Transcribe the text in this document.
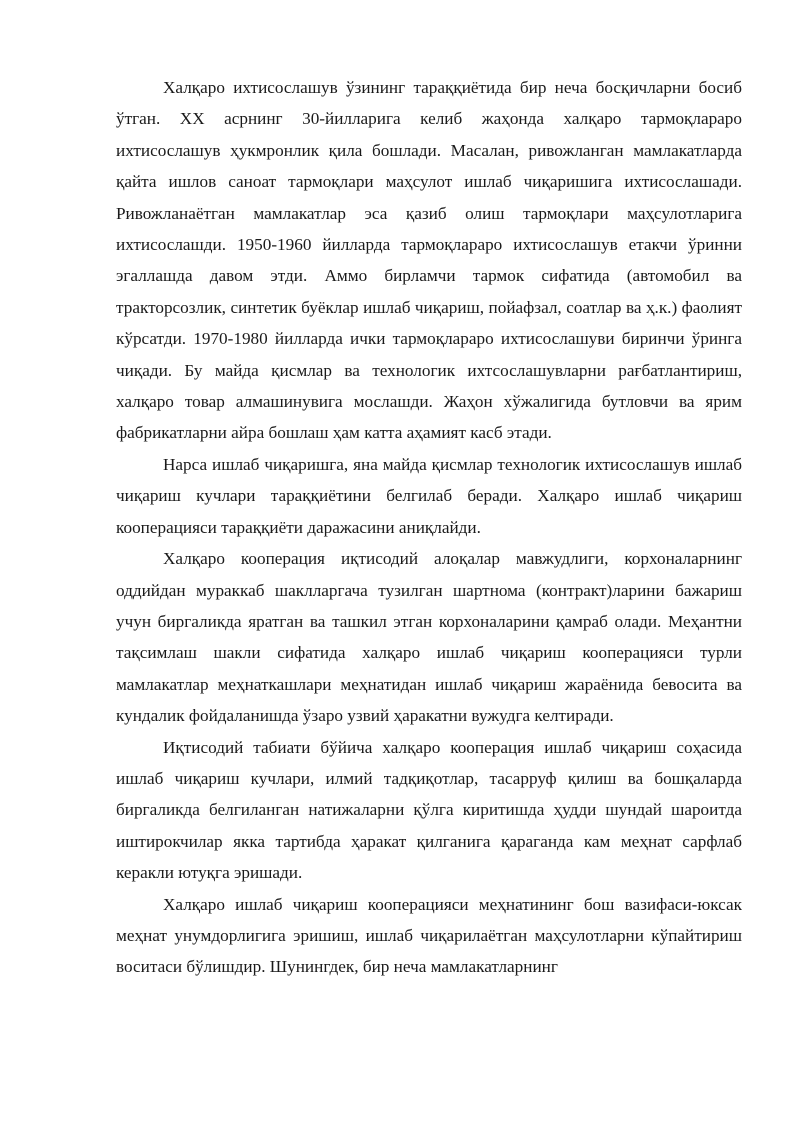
Халқаро ихтисослашув ўзининг тараққиётида бир неча босқичларни босиб ўтган. ХХ асрнинг 30-йилларига келиб жаҳонда халқаро тармоқлараро ихтисослашув ҳукмронлик қила бошлади. Масалан, ривожланган мамлакатларда қайта ишлов саноат тармоқлари маҳсулот ишлаб чиқаришига ихтисослашади. Ривожланаётган мамлакатлар эса қазиб олиш тармоқлари маҳсулотларига ихтисослашди. 1950-1960 йилларда тармоқлараро ихтисослашув етакчи ўринни эгаллашда давом этди. Аммо бирламчи тармок сифатида (автомобил ва тракторсозлик, синтетик буёклар ишлаб чиқариш, пойафзал, соатлар ва ҳ.к.) фаолият кўрсатди. 1970-1980 йилларда ички тармоқлараро ихтисослашуви биринчи ўринга чиқади. Бу майда қисмлар ва технологик ихтсослашувларни рағбатлантириш, халқаро товар алмашинувига мослашди. Жаҳон хўжалигида бутловчи ва ярим фабрикатларни айра бошлаш ҳам катта аҳамият касб этади.

Нарса ишлаб чиқаришга, яна майда қисмлар технологик ихтисослашув ишлаб чиқариш кучлари тараққиётини белгилаб беради. Халқаро ишлаб чиқариш кооперацияси тараққиёти даражасини аниқлайди.

Халқаро кооперация иқтисодий алоқалар мавжудлиги, корхоналарнинг оддийдан мураккаб шаклларгача тузилган шартнома (контракт)ларини бажариш учун биргаликда яратган ва ташкил этган корхоналарини қамраб олади. Меҳантни тақсимлаш шакли сифатида халқаро ишлаб чиқариш кооперацияси турли мамлакатлар меҳнаткашлари меҳнатидан ишлаб чиқариш жараёнида бевосита ва кундалик фойдаланишда ўзаро узвий ҳаракатни вужудга келтиради.

Иқтисодий табиати бўйича халқаро кооперация ишлаб чиқариш соҳасида ишлаб чиқариш кучлари, илмий тадқиқотлар, тасарруф қилиш ва бошқаларда биргаликда белгиланган натижаларни қўлга киритишда ҳудди шундай шароитда иштирокчилар якка тартибда ҳаракат қилганига қараганда кам меҳнат сарфлаб керакли ютуқга эришади.

Халқаро ишлаб чиқариш кооперацияси меҳнатининг бош вазифаси-юксак меҳнат унумдорлигига эришиш, ишлаб чиқарилаётган маҳсулотларни кўпайтириш воситаси бўлишдир. Шунингдек, бир неча мамлакатларнинг
